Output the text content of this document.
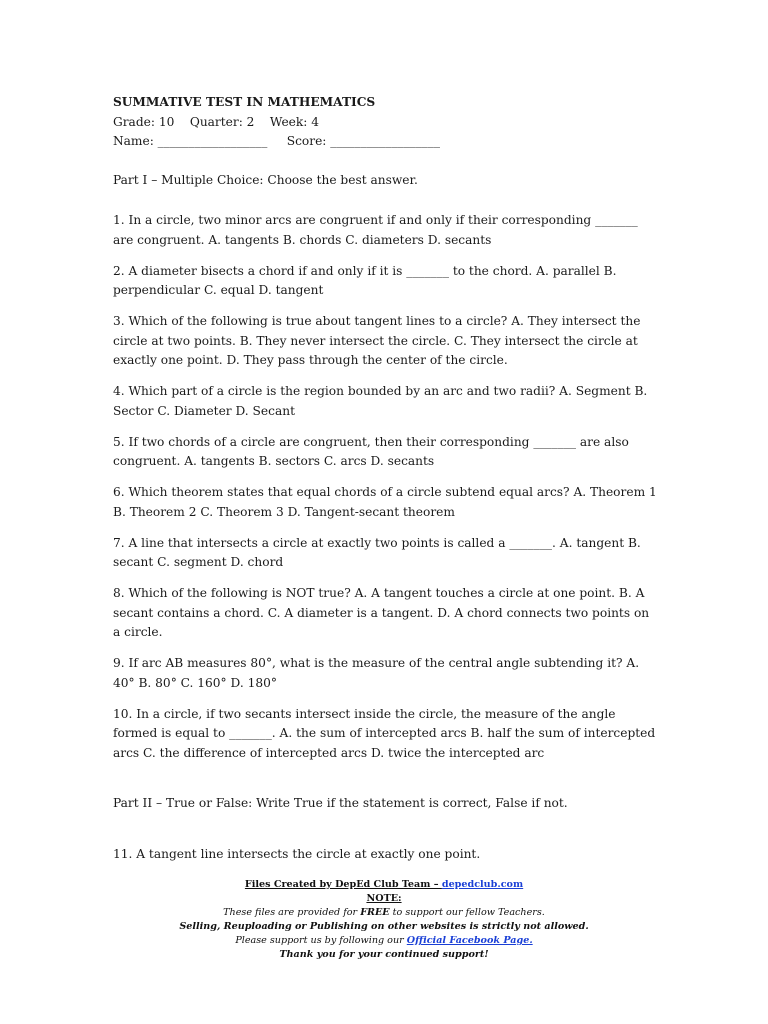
SUMMATIVE TEST IN MATHEMATICS
Grade: 10    Quarter: 2    Week: 4
Name: __________________     Score: __________________
Part I – Multiple Choice: Choose the best answer.
1. In a circle, two minor arcs are congruent if and only if their corresponding _______ are congruent. A. tangents B. chords C. diameters D. secants
2. A diameter bisects a chord if and only if it is _______ to the chord. A. parallel B. perpendicular C. equal D. tangent
3. Which of the following is true about tangent lines to a circle? A. They intersect the circle at two points. B. They never intersect the circle. C. They intersect the circle at exactly one point. D. They pass through the center of the circle.
4. Which part of a circle is the region bounded by an arc and two radii? A. Segment B. Sector C. Diameter D. Secant
5. If two chords of a circle are congruent, then their corresponding _______ are also congruent. A. tangents B. sectors C. arcs D. secants
6. Which theorem states that equal chords of a circle subtend equal arcs? A. Theorem 1 B. Theorem 2 C. Theorem 3 D. Tangent-secant theorem
7. A line that intersects a circle at exactly two points is called a _______. A. tangent B. secant C. segment D. chord
8. Which of the following is NOT true? A. A tangent touches a circle at one point. B. A secant contains a chord. C. A diameter is a tangent. D. A chord connects two points on a circle.
9. If arc AB measures 80°, what is the measure of the central angle subtending it? A. 40° B. 80° C. 160° D. 180°
10. In a circle, if two secants intersect inside the circle, the measure of the angle formed is equal to _______. A. the sum of intercepted arcs B. half the sum of intercepted arcs C. the difference of intercepted arcs D. twice the intercepted arc
Part II – True or False: Write True if the statement is correct, False if not.
11. A tangent line intersects the circle at exactly one point.
Files Created by DepEd Club Team – depedclub.com
NOTE:
These files are provided for FREE to support our fellow Teachers.
Selling, Reuploading or Publishing on other websites is strictly not allowed.
Please support us by following our Official Facebook Page.
Thank you for your continued support!
